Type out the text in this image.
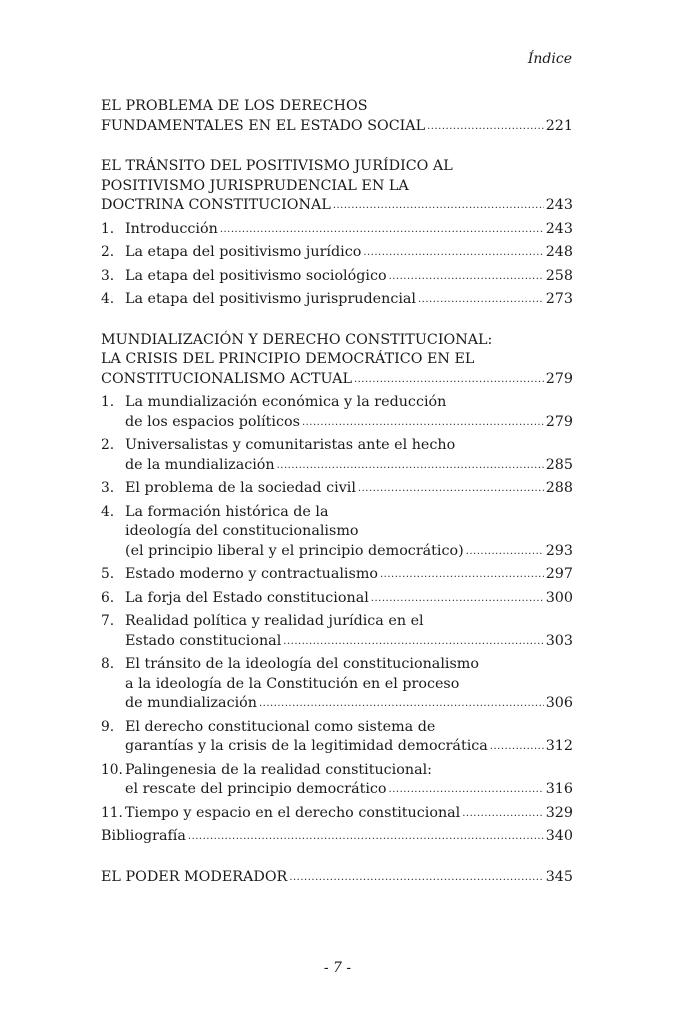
Índice
EL PROBLEMA DE LOS DERECHOS
FUNDAMENTALES EN EL ESTADO SOCIAL .....	221
EL TRÁNSITO DEL POSITIVISMO JURÍDICO AL
POSITIVISMO JURISPRUDENCIAL EN LA
DOCTRINA CONSTITUCIONAL .....	243
1. Introducción .....	243
2. La etapa del positivismo jurídico .....	248
3. La etapa del positivismo sociológico .....	258
4. La etapa del positivismo jurisprudencial .....	273
MUNDIALIZACIÓN Y DERECHO CONSTITUCIONAL:
LA CRISIS DEL PRINCIPIO DEMOCRÁTICO EN EL
CONSTITUCIONALISMO ACTUAL .....	279
1. La mundialización económica y la reducción
de los espacios políticos .....	279
2. Universalistas y comunitaristas ante el hecho
de la mundialización .....	285
3. El problema de la sociedad civil .....	288
4. La formación histórica de la
ideología del constitucionalismo
(el principio liberal y el principio democrático) .....	293
5. Estado moderno y contractualismo .....	297
6. La forja del Estado constitucional .....	300
7. Realidad política y realidad jurídica en el
Estado constitucional .....	303
8. El tránsito de la ideología del constitucionalismo
a la ideología de la Constitución en el proceso
de mundialización .....	306
9. El derecho constitucional como sistema de
garantías y la crisis de la legitimidad democrática .....	312
10. Palingenesia de la realidad constitucional:
el rescate del principio democrático .....	316
11. Tiempo y espacio en el derecho constitucional .....	329
Bibliografía .....	340
EL PODER MODERADOR .....	345
- 7 -
